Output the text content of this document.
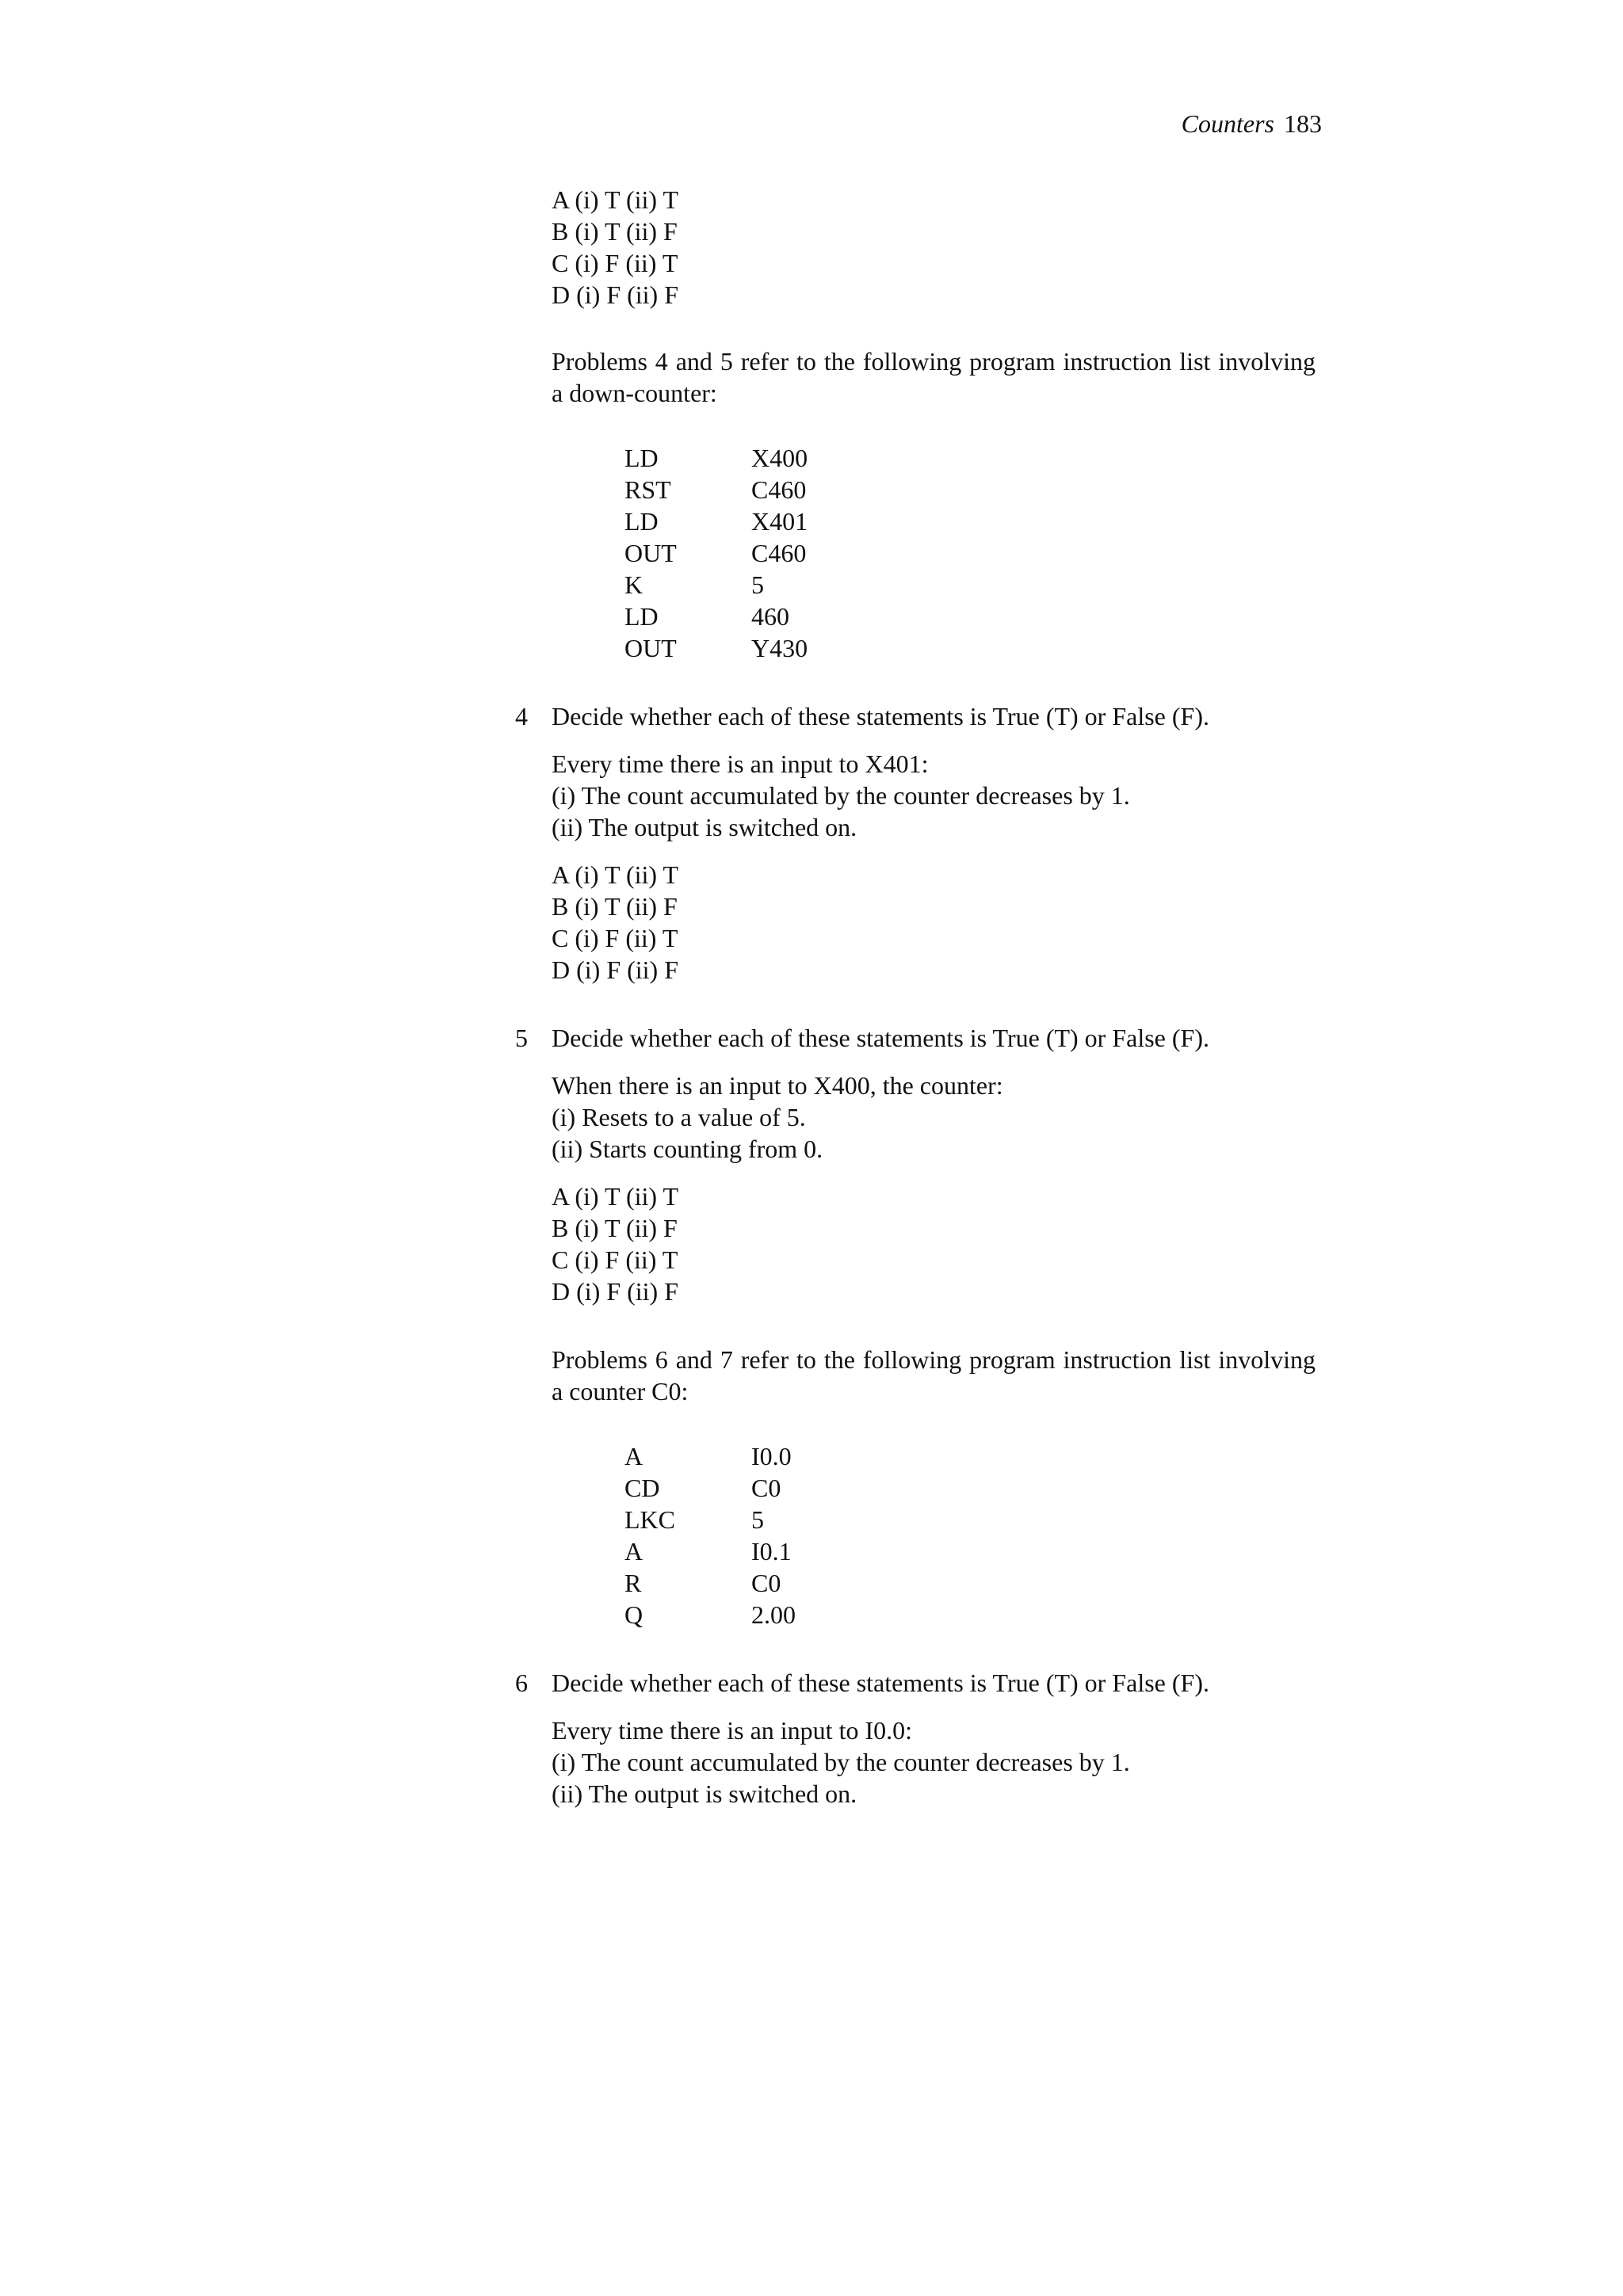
Counters 183
A (i) T (ii) T
B (i) T (ii) F
C (i) F (ii) T
D (i) F (ii) F
Problems 4 and 5 refer to the following program instruction list involving a down-counter:
LD	X400
RST	C460
LD	X401
OUT	C460
K	5
LD	460
OUT	Y430
4 Decide whether each of these statements is True (T) or False (F).
Every time there is an input to X401:
(i) The count accumulated by the counter decreases by 1.
(ii) The output is switched on.
A (i) T (ii) T
B (i) T (ii) F
C (i) F (ii) T
D (i) F (ii) F
5 Decide whether each of these statements is True (T) or False (F).
When there is an input to X400, the counter:
(i) Resets to a value of 5.
(ii) Starts counting from 0.
A (i) T (ii) T
B (i) T (ii) F
C (i) F (ii) T
D (i) F (ii) F
Problems 6 and 7 refer to the following program instruction list involving a counter C0:
A	I0.0
CD	C0
LKC	5
A	I0.1
R	C0
Q	2.00
6 Decide whether each of these statements is True (T) or False (F).
Every time there is an input to I0.0:
(i) The count accumulated by the counter decreases by 1.
(ii) The output is switched on.
